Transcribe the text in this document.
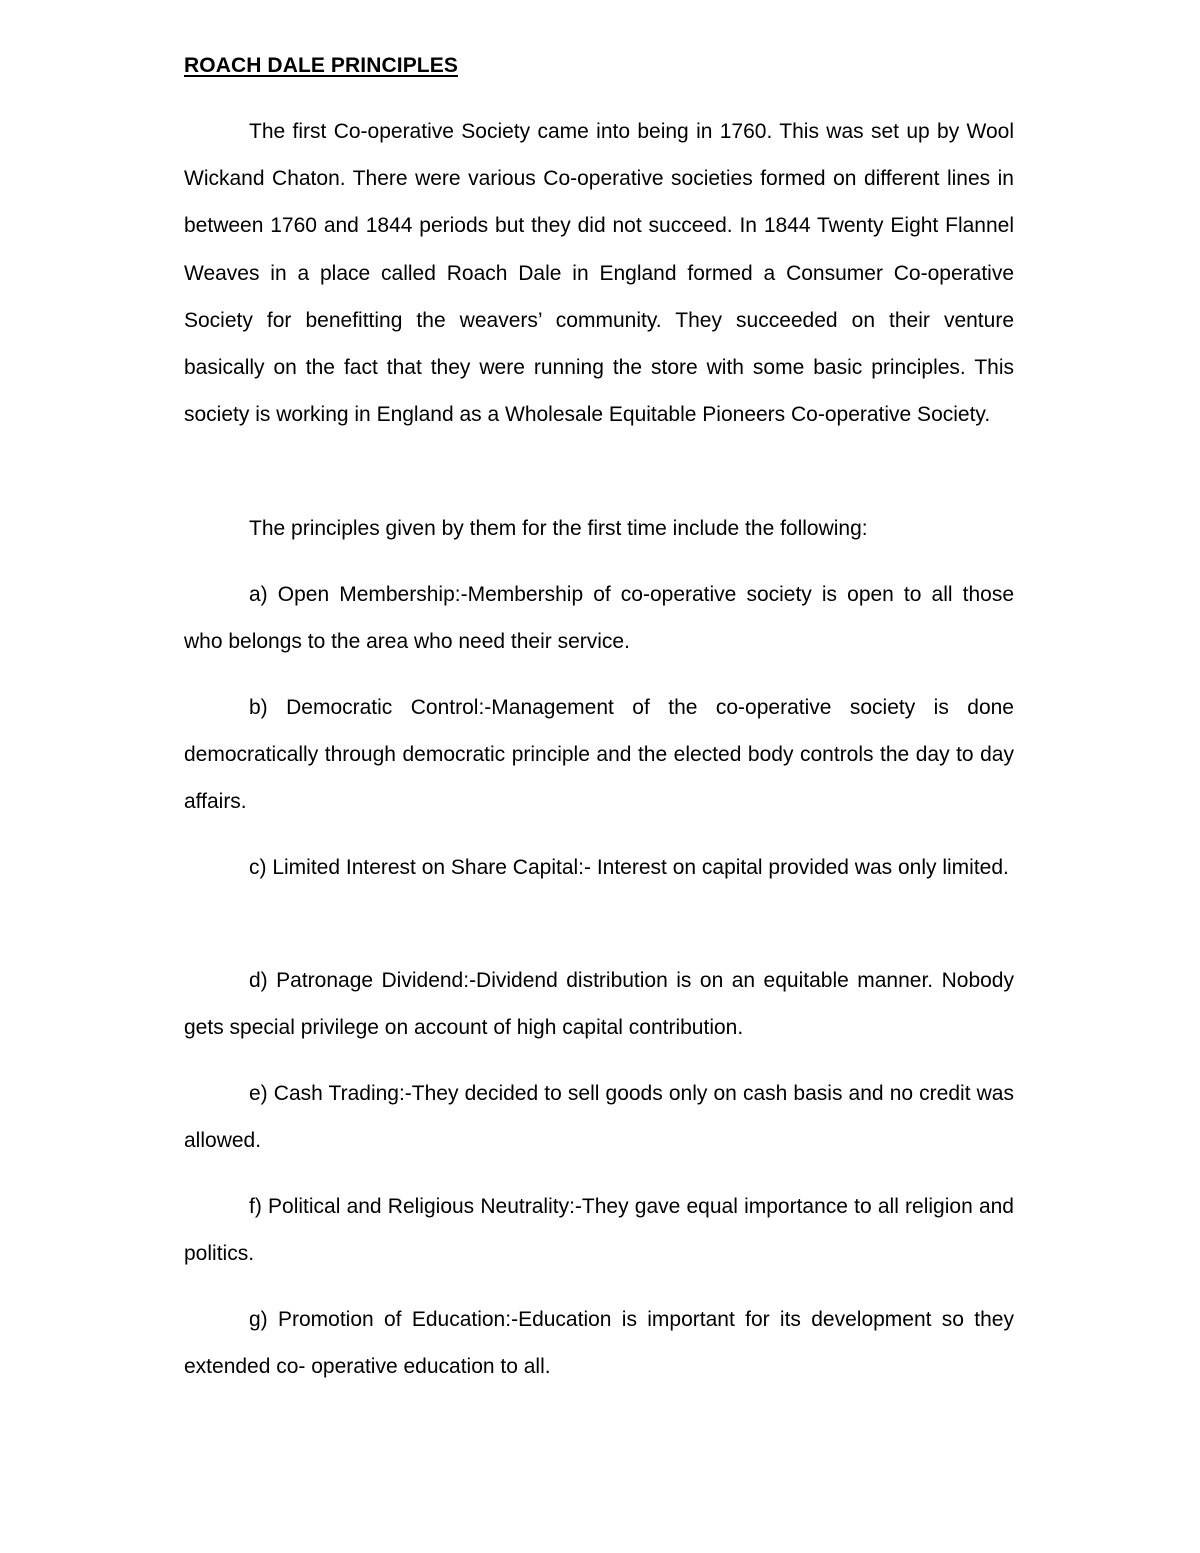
ROACH DALE PRINCIPLES

The first Co-operative Society came into being in 1760. This was set up by Wool Wickand Chaton. There were various Co-operative societies formed on different lines in between 1760 and 1844 periods but they did not succeed. In 1844 Twenty Eight Flannel Weaves in a place called Roach Dale in England formed a Consumer Co-operative Society for benefitting the weavers’ community. They succeeded on their venture basically on the fact that they were running the store with some basic principles. This society is working in England as a Wholesale Equitable Pioneers Co-operative Society.

The principles given by them for the first time include the following:

a) Open Membership:-Membership of co-operative society is open to all those who belongs to the area who need their service.

b) Democratic Control:-Management of the co-operative society is done democratically through democratic principle and the elected body controls the day to day affairs.

c) Limited Interest on Share Capital:- Interest on capital provided was only limited.

d) Patronage Dividend:-Dividend distribution is on an equitable manner. Nobody gets special privilege on account of high capital contribution.

e) Cash Trading:-They decided to sell goods only on cash basis and no credit was allowed.

f) Political and Religious Neutrality:-They gave equal importance to all religion and politics.

g) Promotion of Education:-Education is important for its development so they extended co- operative education to all.
